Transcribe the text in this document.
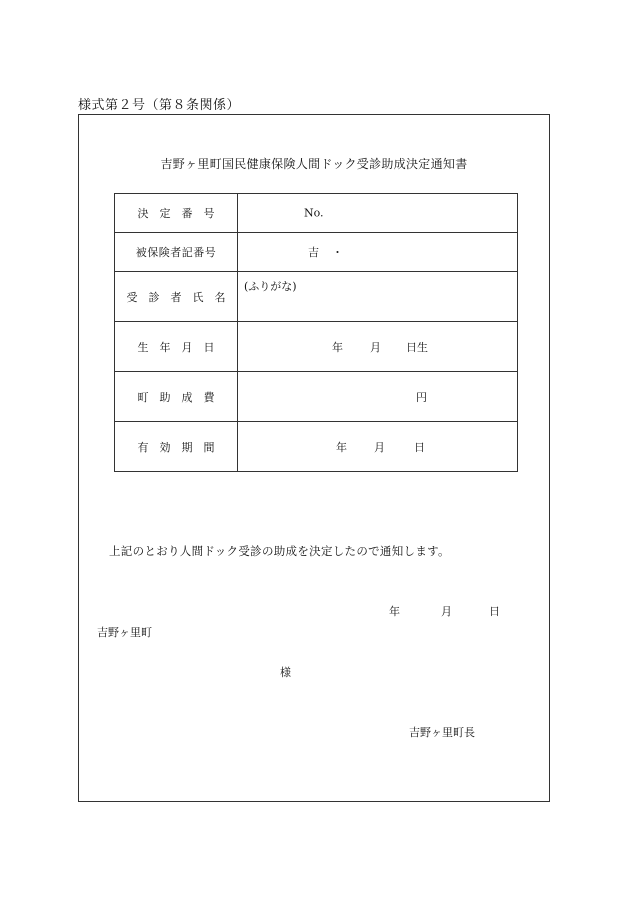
様式第２号（第８条関係）
吉野ヶ里町国民健康保険人間ドック受診助成決定通知書
決　定　番　号	No.

被保険者記番号	吉 ・

受　診　者　氏　名	(ふりがな)

生　年　月　日	年 月 日生

町　助　成　費	円

有　効　期　間	年 月 日
上記のとおり人間ドック受診の助成を決定したので通知します。
年	月	日
吉野ヶ里町
様
吉野ヶ里町長
